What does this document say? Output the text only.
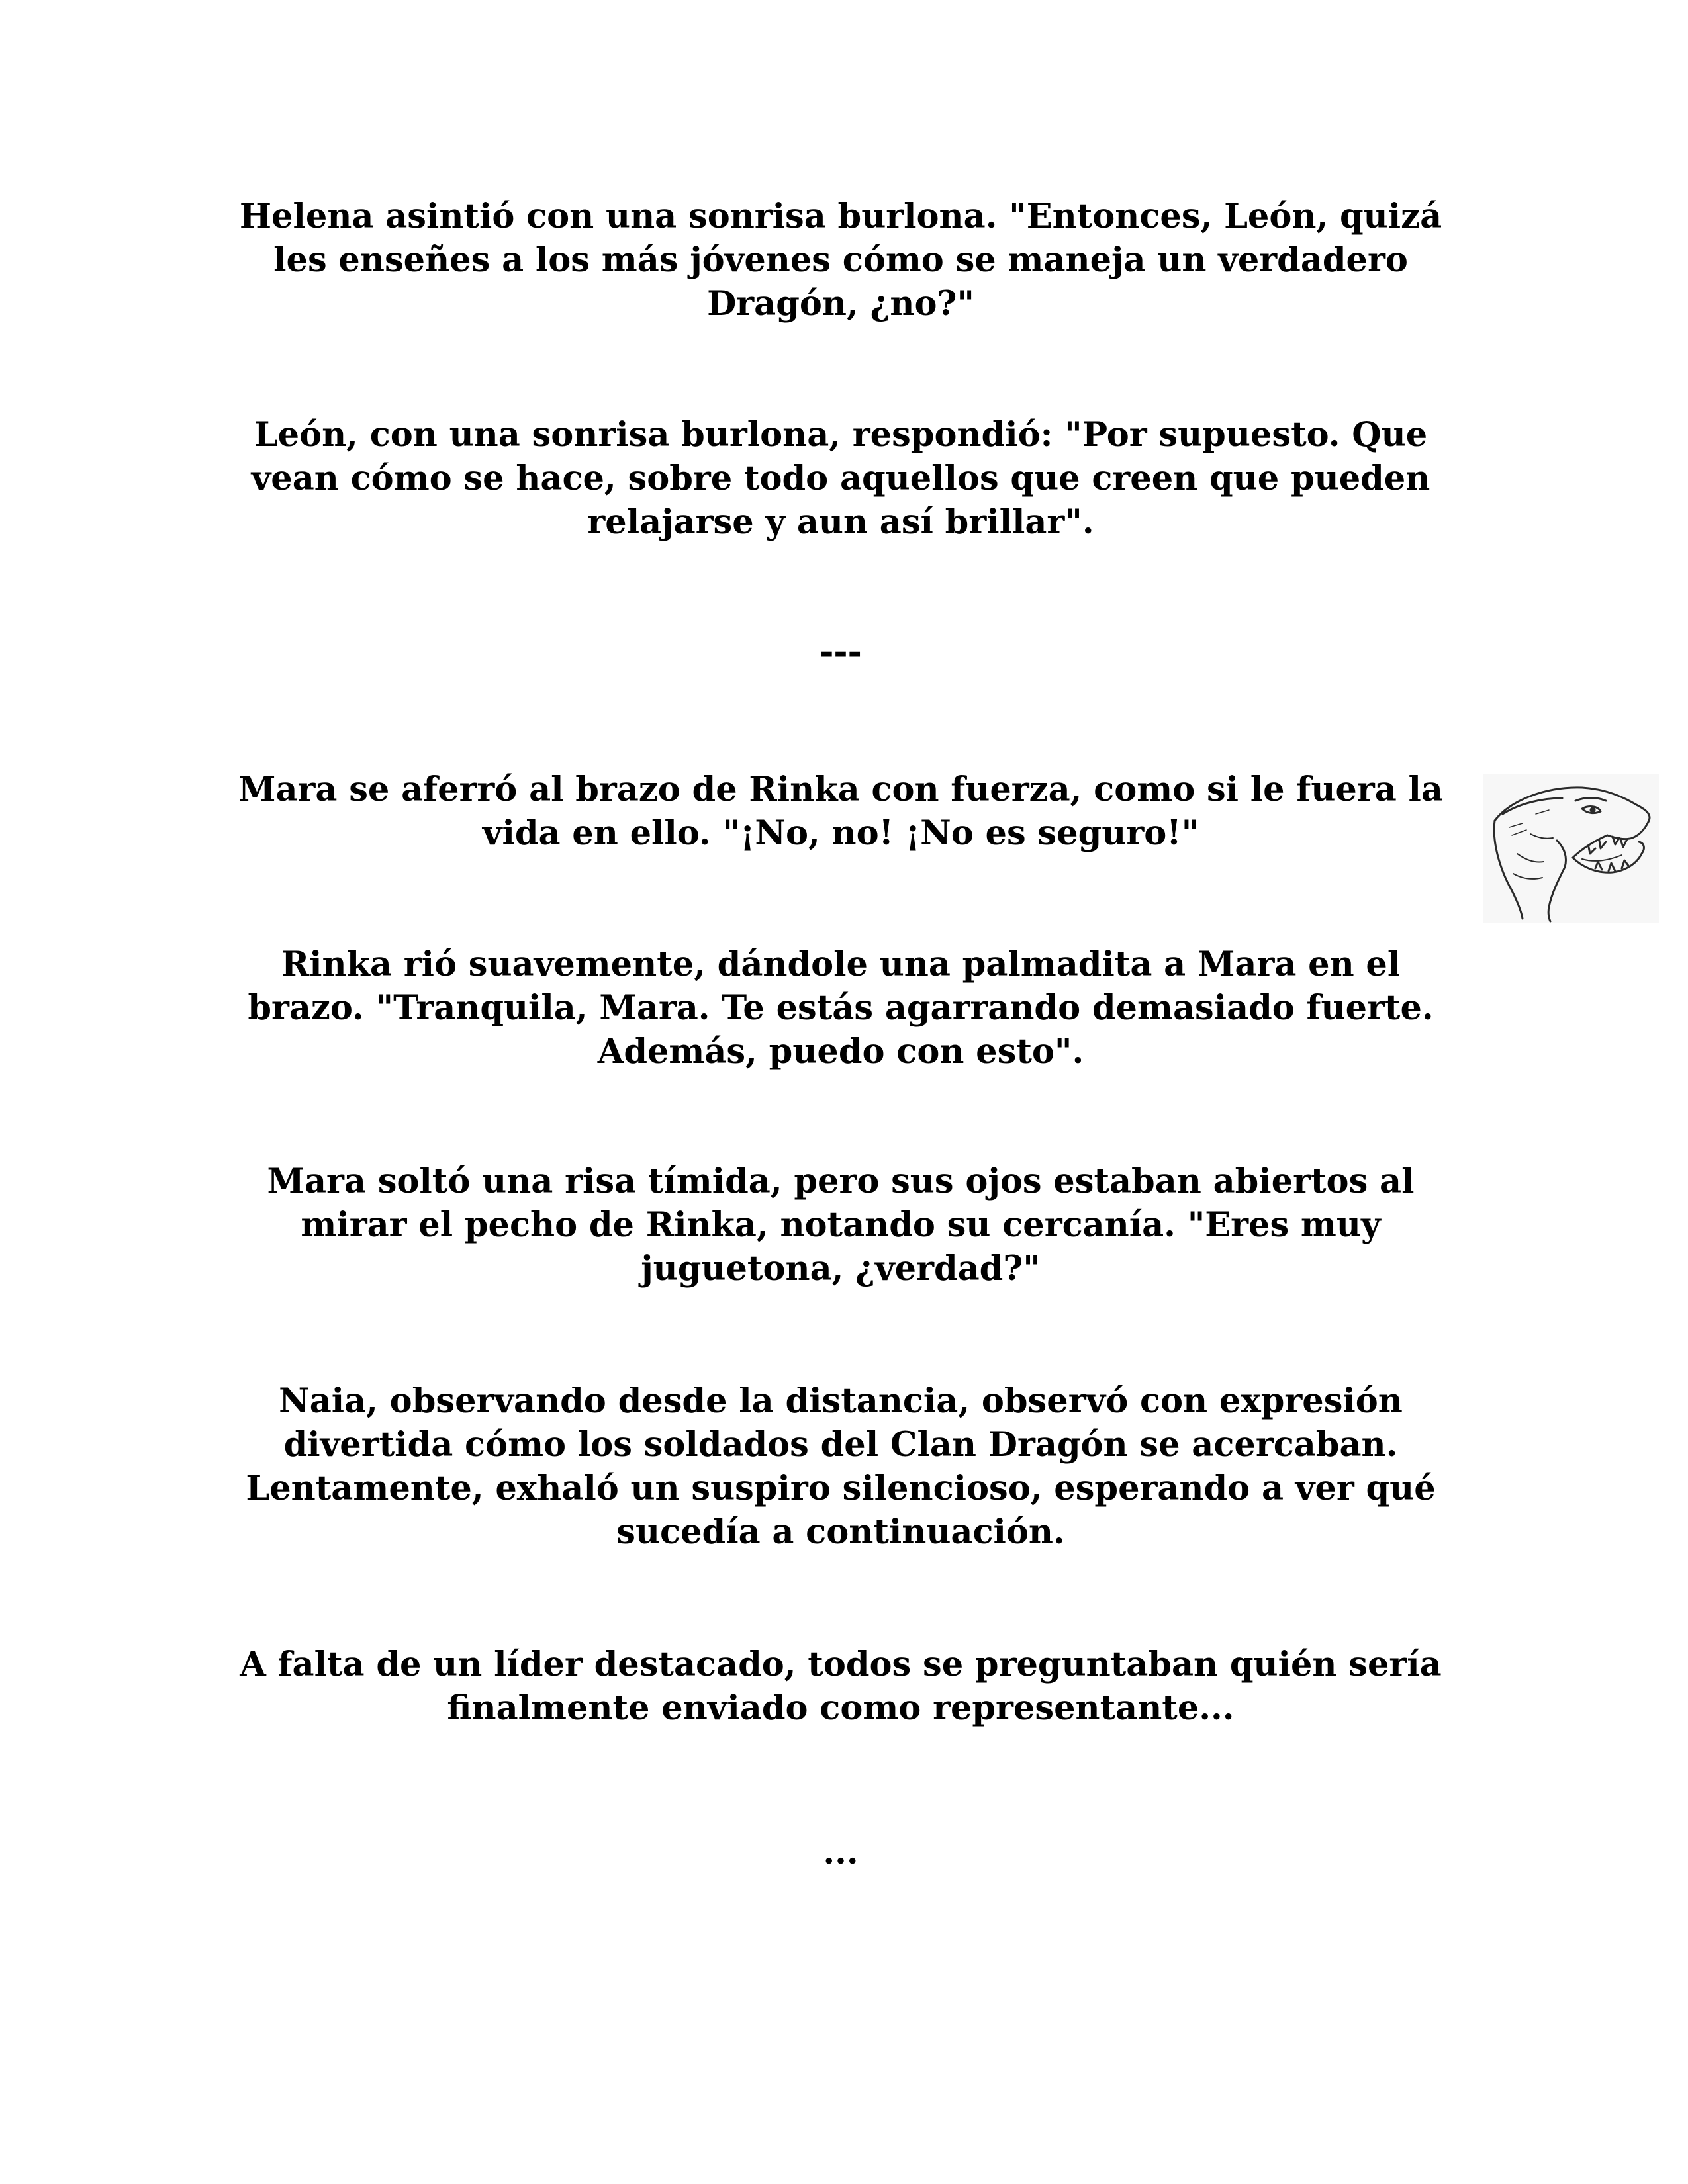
Helena asintió con una sonrisa burlona. "Entonces, León, quizá les enseñes a los más jóvenes cómo se maneja un verdadero Dragón, ¿no?"

León, con una sonrisa burlona, respondió: "Por supuesto. Que vean cómo se hace, sobre todo aquellos que creen que pueden relajarse y aun así brillar".

---

Mara se aferró al brazo de Rinka con fuerza, como si le fuera la vida en ello. "¡No, no! ¡No es seguro!"

Rinka rió suavemente, dándole una palmadita a Mara en el brazo. "Tranquila, Mara. Te estás agarrando demasiado fuerte. Además, puedo con esto".

Mara soltó una risa tímida, pero sus ojos estaban abiertos al mirar el pecho de Rinka, notando su cercanía. "Eres muy juguetona, ¿verdad?"

Naia, observando desde la distancia, observó con expresión divertida cómo los soldados del Clan Dragón se acercaban. Lentamente, exhaló un suspiro silencioso, esperando a ver qué sucedía a continuación.

A falta de un líder destacado, todos se preguntaban quién sería finalmente enviado como representante...

...
